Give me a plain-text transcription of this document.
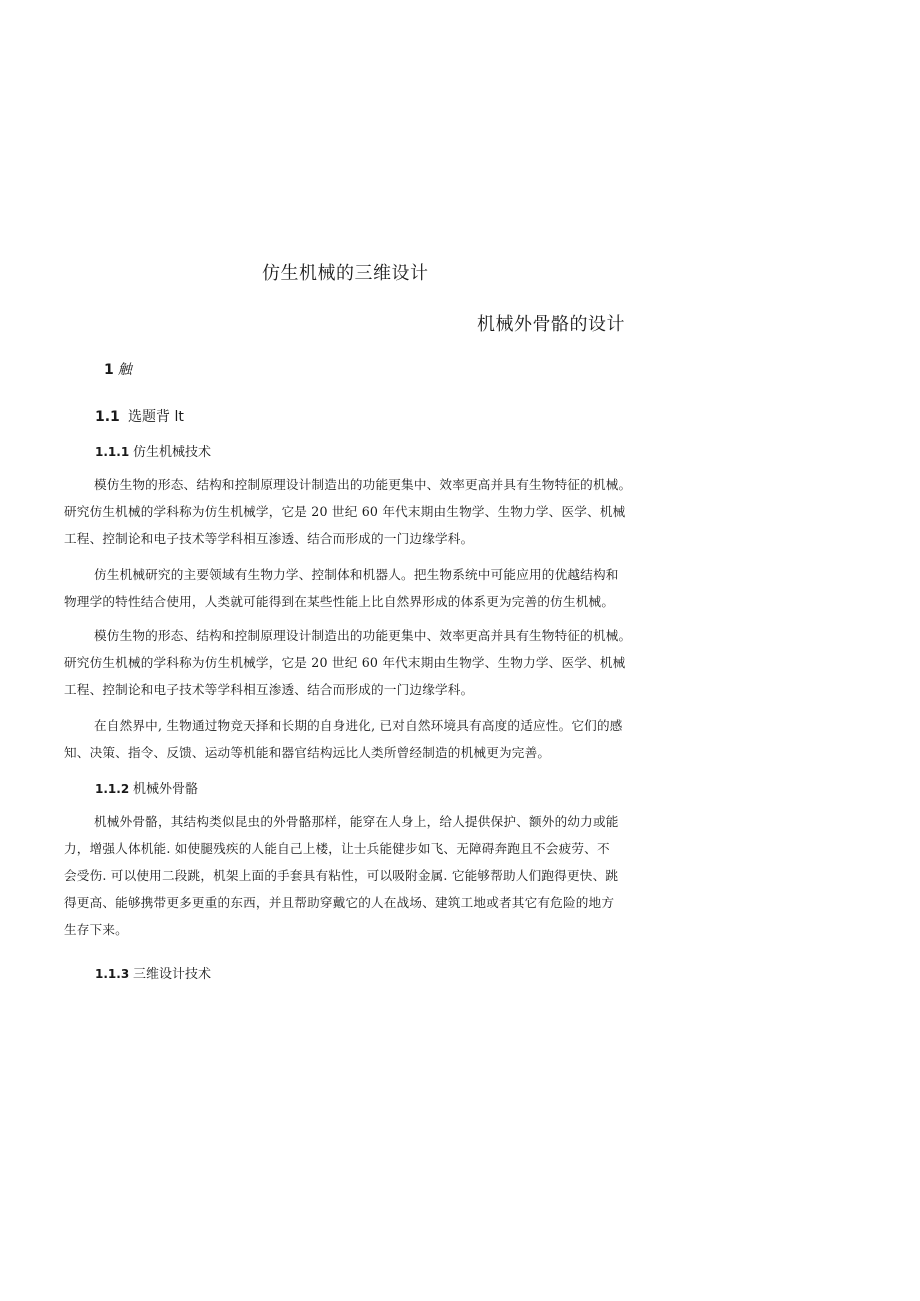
仿生机械的三维设计
机械外骨骼的设计
1 触
1.1 选题背 lt
1.1.1 仿生机械技术
模仿生物的形态、结构和控制原理设计制造出的功能更集中、效率更高并具有生物特征的机械。
研究仿生机械的学科称为仿生机械学，它是 20 世纪 60 年代末期由生物学、生物力学、医学、机械
工程、控制论和电子技术等学科相互渗透、结合而形成的一门边缘学科。
仿生机械研究的主要领域有生物力学、控制体和机器人。把生物系统中可能应用的优越结构和
物理学的特性结合使用，人类就可能得到在某些性能上比自然界形成的体系更为完善的仿生机械。
模仿生物的形态、结构和控制原理设计制造出的功能更集中、效率更高并具有生物特征的机械。
研究仿生机械的学科称为仿生机械学，它是 20 世纪 60 年代末期由生物学、生物力学、医学、机械
工程、控制论和电子技术等学科相互渗透、结合而形成的一门边缘学科。
在自然界中, 生物通过物竞天择和长期的自身进化, 已对自然环境具有高度的适应性。它们的感
知、决策、指令、反馈、运动等机能和器官结构远比人类所曾经制造的机械更为完善。
1.1.2 机械外骨骼
机械外骨骼，其结构类似昆虫的外骨骼那样，能穿在人身上，给人提供保护、额外的幼力或能
力，增强人体机能. 如使腿残疾的人能自己上楼，让士兵能健步如飞、无障碍奔跑且不会疲劳、不
会受伤. 可以使用二段跳，机架上面的手套具有粘性，可以吸附金属. 它能够帮助人们跑得更快、跳
得更高、能够携带更多更重的东西，并且帮助穿戴它的人在战场、建筑工地或者其它有危险的地方
生存下来。
1.1.3 三维设计技术
